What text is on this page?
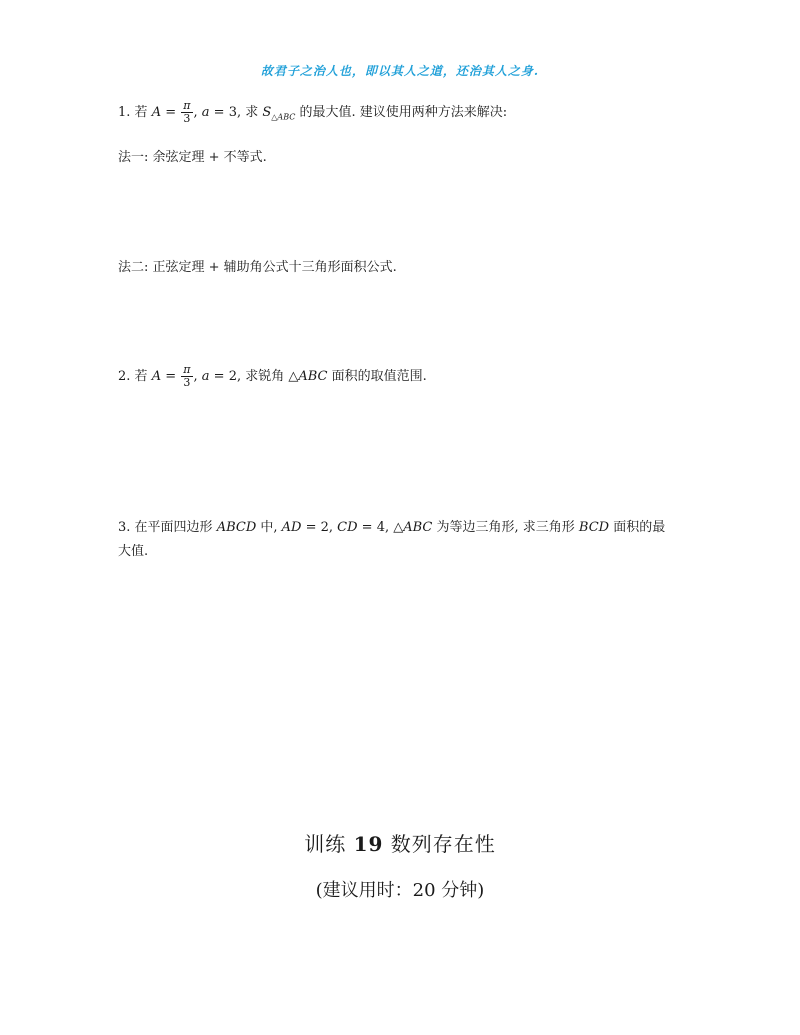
故君子之治人也，即以其人之道，还治其人之身.
1. 若 $A = \frac{\pi}{3}$ , a = 3, 求 $S_{\triangle ABC}$ 的最大值. 建议使用两种方法来解决:
法一: 余弦定理 + 不等式.
法二: 正弦定理 + 辅助角公式十三角形面积公式.
2. 若 $A = \frac{\pi}{3}$ , a = 2, 求锐角 △ABC 面积的取值范围.
3. 在平面四边形 ABCD 中, AD = 2, CD = 4, △ABC 为等边三角形, 求三角形 BCD 面积的最
大值.
训练 19 数列存在性
(建议用时：20 分钟)
